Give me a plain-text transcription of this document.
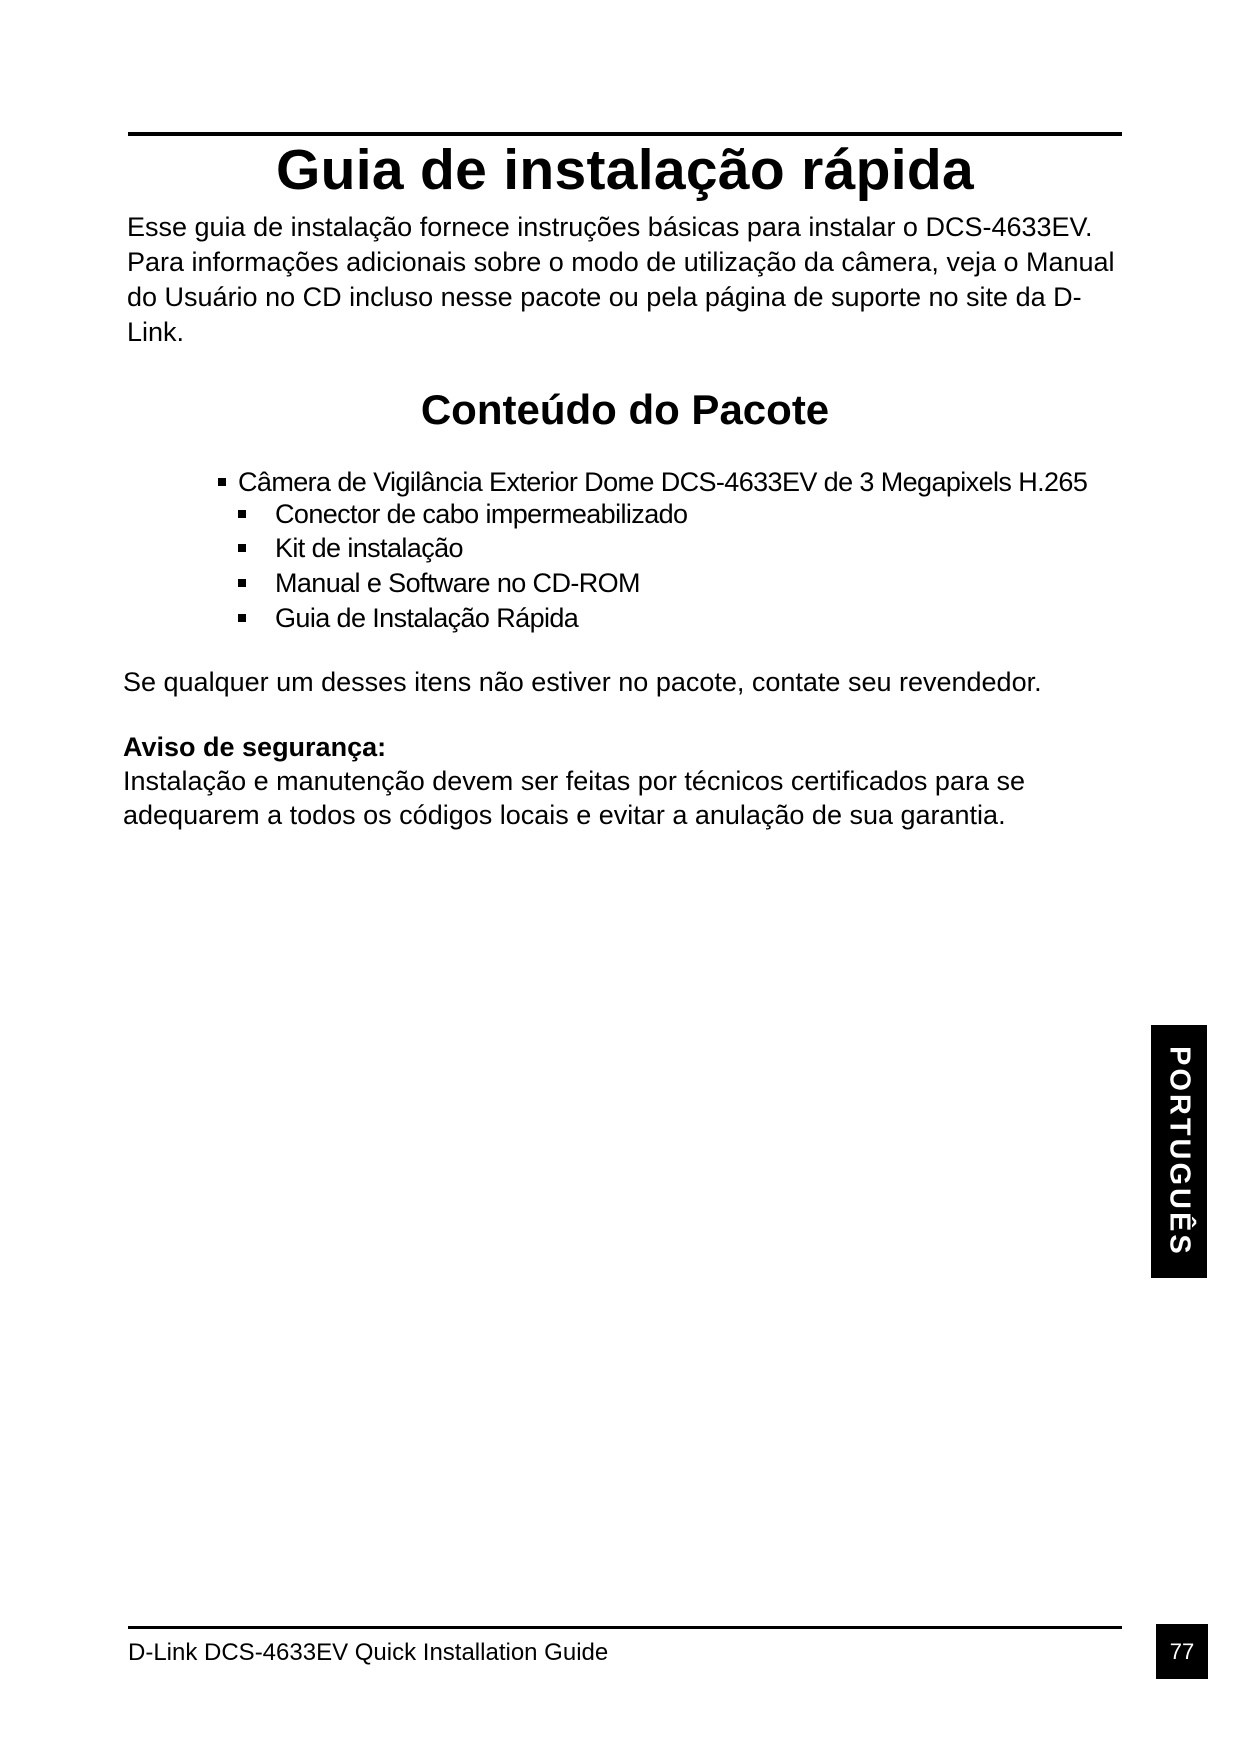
Guia de instalação rápida

Esse guia de instalação fornece instruções básicas para instalar o DCS-4633EV. Para informações adicionais sobre o modo de utilização da câmera, veja o Manual do Usuário no CD incluso nesse pacote ou pela página de suporte no site da D-Link.

Conteúdo do Pacote
Câmera de Vigilância Exterior Dome DCS-4633EV de 3 Megapixels H.265
Conector de cabo impermeabilizado
Kit de instalação
Manual e Software no CD-ROM
Guia de Instalação Rápida

Se qualquer um desses itens não estiver no pacote, contate seu revendedor.

Aviso de segurança:

Instalação e manutenção devem ser feitas por técnicos certificados para se adequarem a todos os códigos locais e evitar a anulação de sua garantia.

PORTUGUÊS
D-Link DCS-4633EV Quick Installation Guide	77
